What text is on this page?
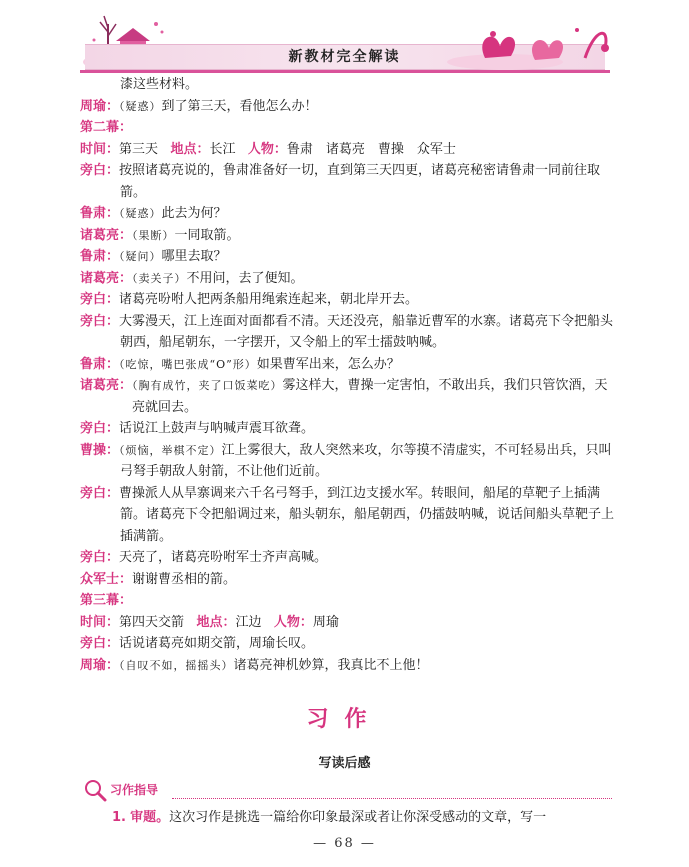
新教材完全解读
漆这些材料。
周瑜：（疑惑）到了第三天，看他怎么办！
第二幕：
时间：第三天 地点：长江 人物：鲁肃　诸葛亮　曹操　众军士
旁白：按照诸葛亮说的，鲁肃准备好一切，直到第三天四更，诸葛亮秘密请鲁肃一同前往取箭。
鲁肃：（疑惑）此去为何？
诸葛亮：（果断）一同取箭。
鲁肃：（疑问）哪里去取？
诸葛亮：（卖关子）不用问，去了便知。
旁白：诸葛亮吩咐人把两条船用绳索连起来，朝北岸开去。
旁白：大雾漫天，江上连面对面都看不清。天还没亮，船靠近曹军的水寨。诸葛亮下令把船头朝西，船尾朝东，一字摆开，又令船上的军士擂鼓呐喊。
鲁肃：（吃惊，嘴巴张成“O”形）如果曹军出来，怎么办？
诸葛亮：（胸有成竹，夹了口饭菜吃）雾这样大，曹操一定害怕，不敢出兵，我们只管饮酒，天亮就回去。
旁白：话说江上鼓声与呐喊声震耳欲聋。
曹操：（烦恼，举棋不定）江上雾很大，敌人突然来攻，尔等摸不清虚实，不可轻易出兵，只叫弓弩手朝敌人射箭，不让他们近前。
旁白：曹操派人从旱寨调来六千名弓弩手，到江边支援水军。转眼间，船尾的草靶子上插满箭。诸葛亮下令把船调过来，船头朝东，船尾朝西，仍擂鼓呐喊，说话间船头草靶子上插满箭。
旁白：天亮了，诸葛亮吩咐军士齐声高喊。
众军士：谢谢曹丞相的箭。
第三幕：
时间：第四天交箭 地点：江边 人物：周瑜
旁白：话说诸葛亮如期交箭，周瑜长叹。
周瑜：（自叹不如，摇摇头）诸葛亮神机妙算，我真比不上他！
习作
写读后感
习作指导
1. 审题。这次习作是挑选一篇给你印象最深或者让你深受感动的文章，写一
— 68 —
